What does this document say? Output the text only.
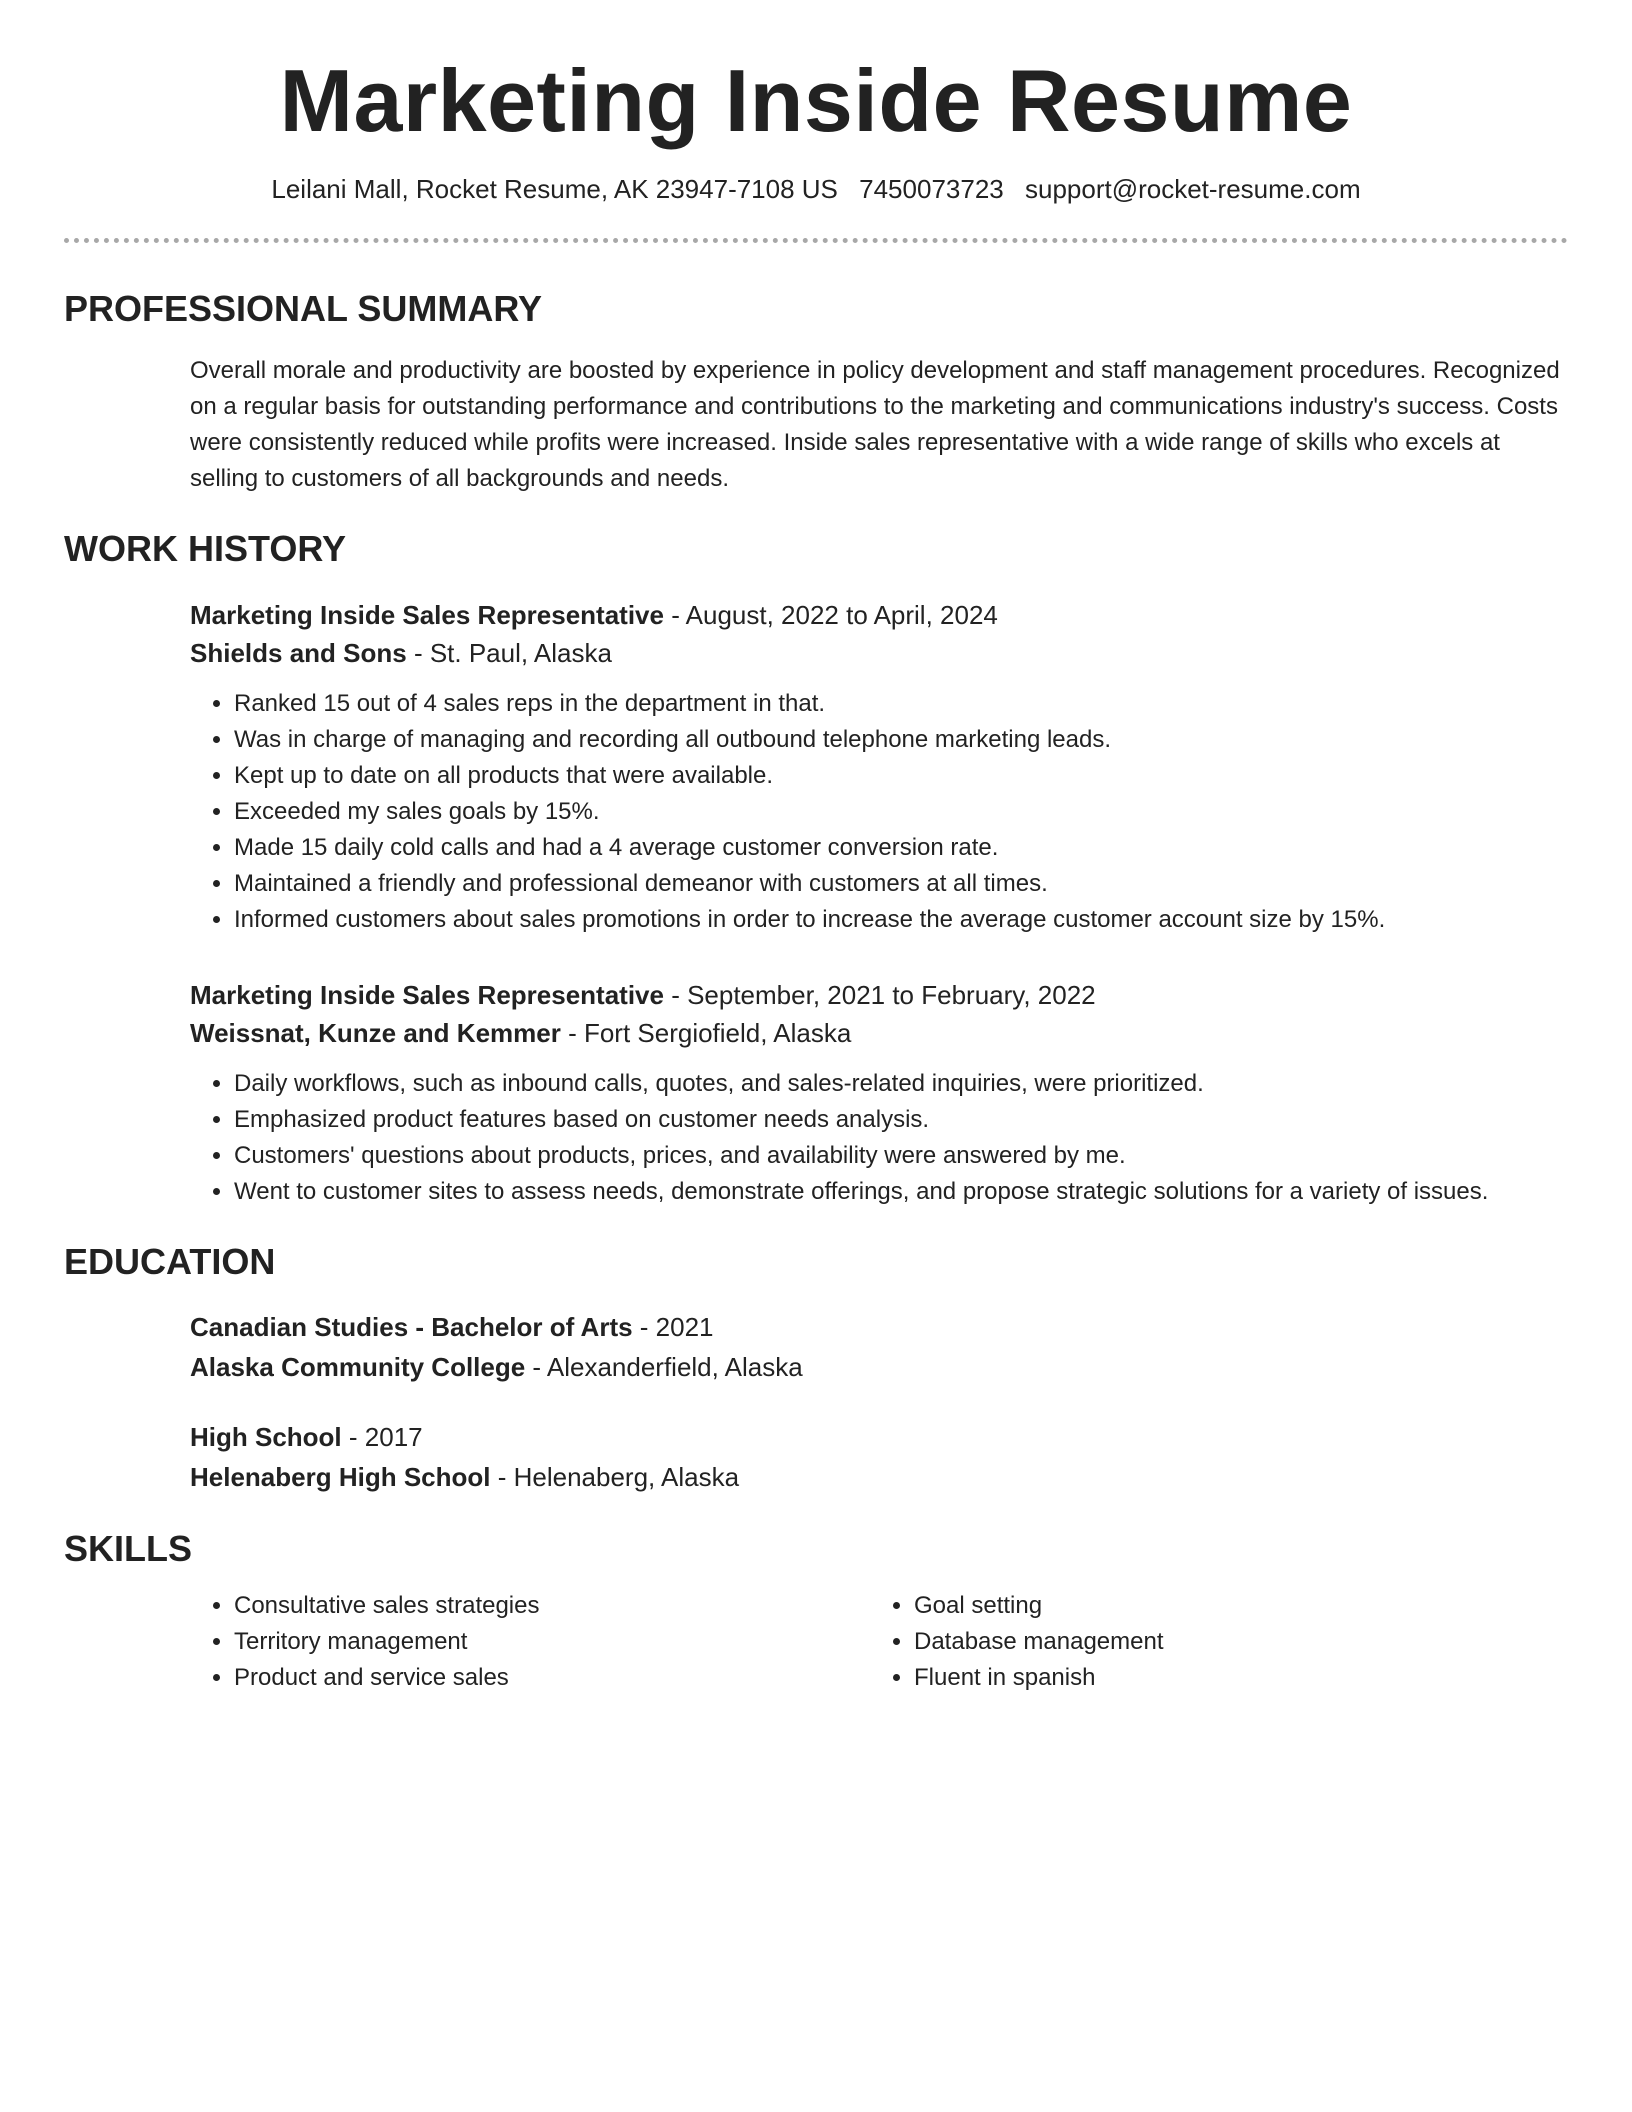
Marketing Inside Resume
Leilani Mall, Rocket Resume, AK 23947-7108 US 7450073723 support@rocket-resume.com
PROFESSIONAL SUMMARY
Overall morale and productivity are boosted by experience in policy development and staff management procedures. Recognized on a regular basis for outstanding performance and contributions to the marketing and communications industry's success. Costs were consistently reduced while profits were increased. Inside sales representative with a wide range of skills who excels at selling to customers of all backgrounds and needs.
WORK HISTORY
Marketing Inside Sales Representative - August, 2022 to April, 2024
Shields and Sons - St. Paul, Alaska
• Ranked 15 out of 4 sales reps in the department in that.
• Was in charge of managing and recording all outbound telephone marketing leads.
• Kept up to date on all products that were available.
• Exceeded my sales goals by 15%.
• Made 15 daily cold calls and had a 4 average customer conversion rate.
• Maintained a friendly and professional demeanor with customers at all times.
• Informed customers about sales promotions in order to increase the average customer account size by 15%.
Marketing Inside Sales Representative - September, 2021 to February, 2022
Weissnat, Kunze and Kemmer - Fort Sergiofield, Alaska
• Daily workflows, such as inbound calls, quotes, and sales-related inquiries, were prioritized.
• Emphasized product features based on customer needs analysis.
• Customers' questions about products, prices, and availability were answered by me.
• Went to customer sites to assess needs, demonstrate offerings, and propose strategic solutions for a variety of issues.
EDUCATION
Canadian Studies - Bachelor of Arts - 2021
Alaska Community College - Alexanderfield, Alaska
High School - 2017
Helenaberg High School - Helenaberg, Alaska
SKILLS
• Consultative sales strategies
• Territory management
• Product and service sales
• Goal setting
• Database management
• Fluent in spanish
